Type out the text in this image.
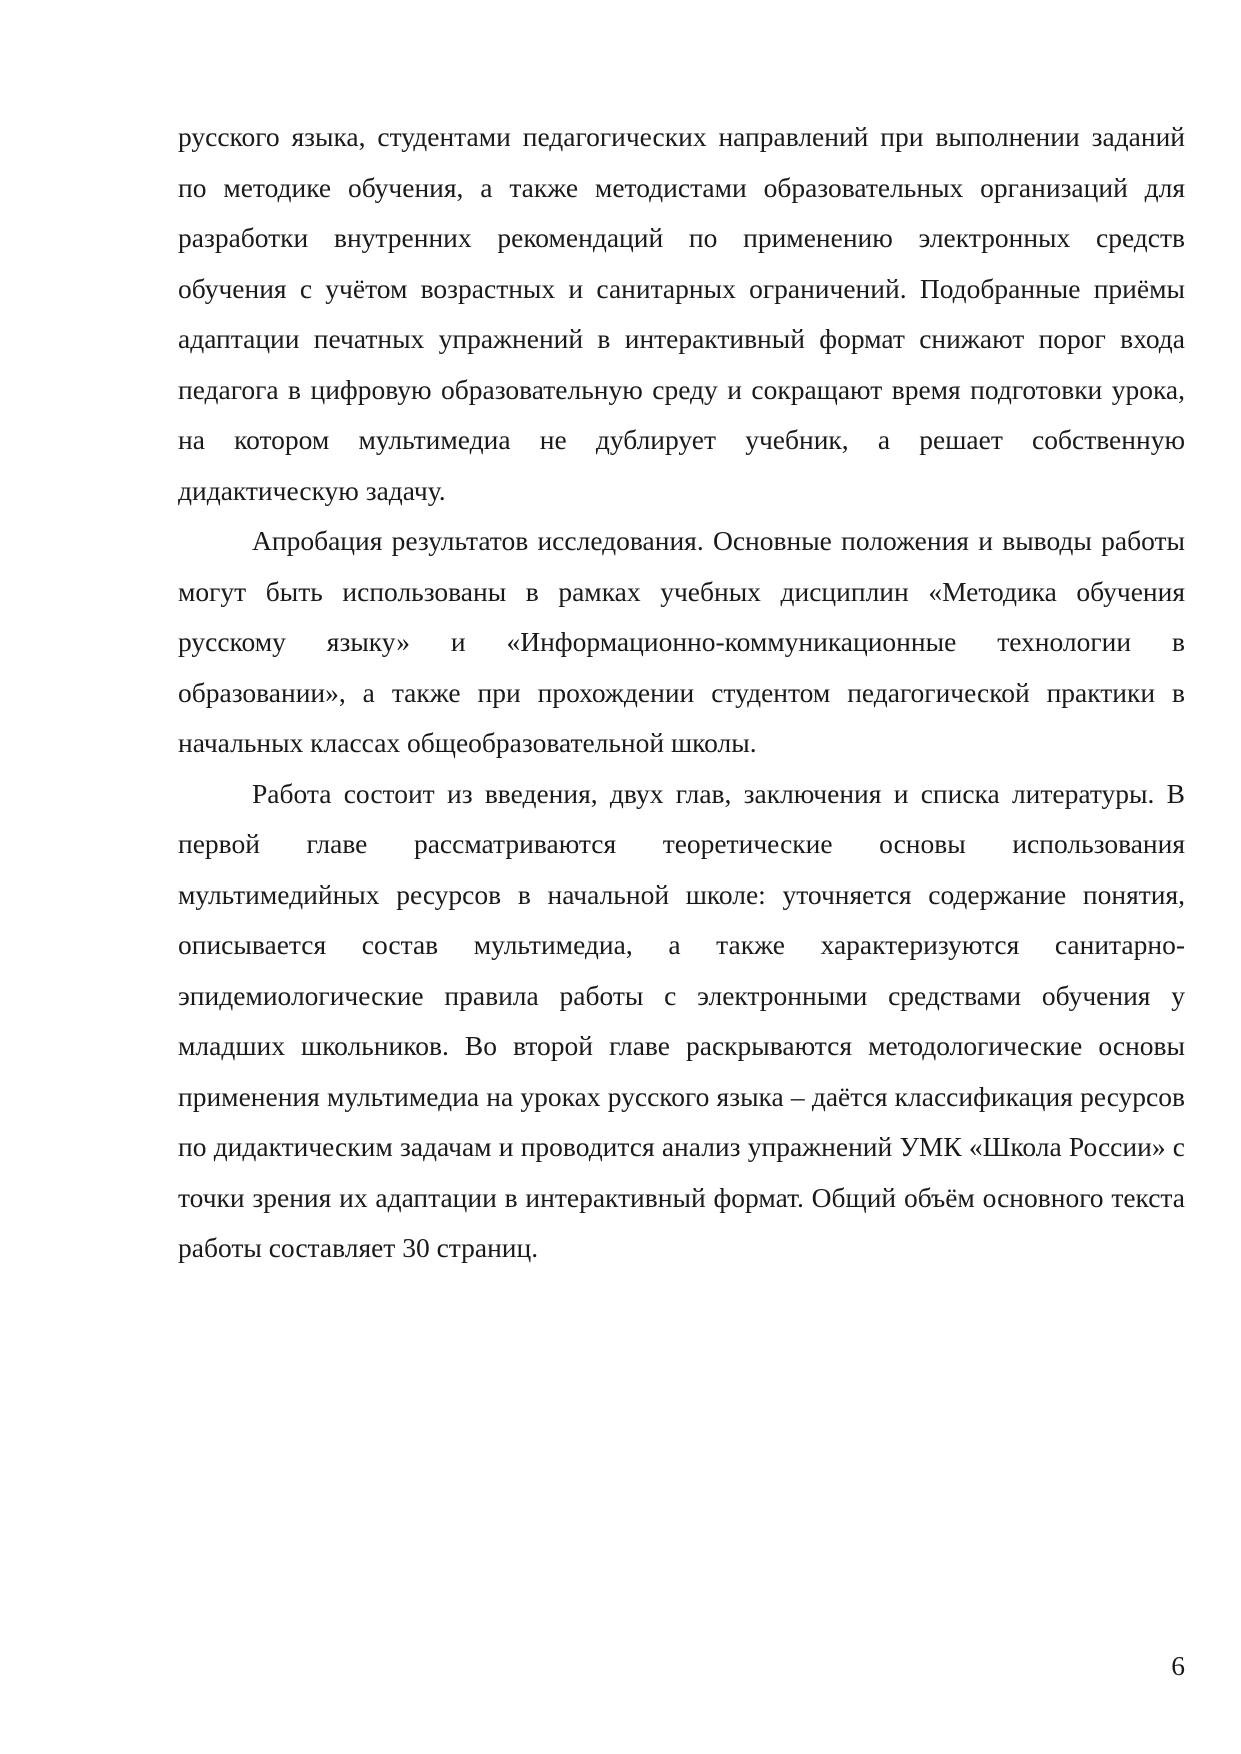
русского языка, студентами педагогических направлений при выполнении заданий по методике обучения, а также методистами образовательных организаций для разработки внутренних рекомендаций по применению электронных средств обучения с учётом возрастных и санитарных ограничений. Подобранные приёмы адаптации печатных упражнений в интерактивный формат снижают порог входа педагога в цифровую образовательную среду и сокращают время подготовки урока, на котором мультимедиа не дублирует учебник, а решает собственную дидактическую задачу.

Апробация результатов исследования. Основные положения и выводы работы могут быть использованы в рамках учебных дисциплин «Методика обучения русскому языку» и «Информационно-коммуникационные технологии в образовании», а также при прохождении студентом педагогической практики в начальных классах общеобразовательной школы.

Работа состоит из введения, двух глав, заключения и списка литературы. В первой главе рассматриваются теоретические основы использования мультимедийных ресурсов в начальной школе: уточняется содержание понятия, описывается состав мультимедиа, а также характеризуются санитарно-эпидемиологические правила работы с электронными средствами обучения у младших школьников. Во второй главе раскрываются методологические основы применения мультимедиа на уроках русского языка – даётся классификация ресурсов по дидактическим задачам и проводится анализ упражнений УМК «Школа России» с точки зрения их адаптации в интерактивный формат. Общий объём основного текста работы составляет 30 страниц.

6
